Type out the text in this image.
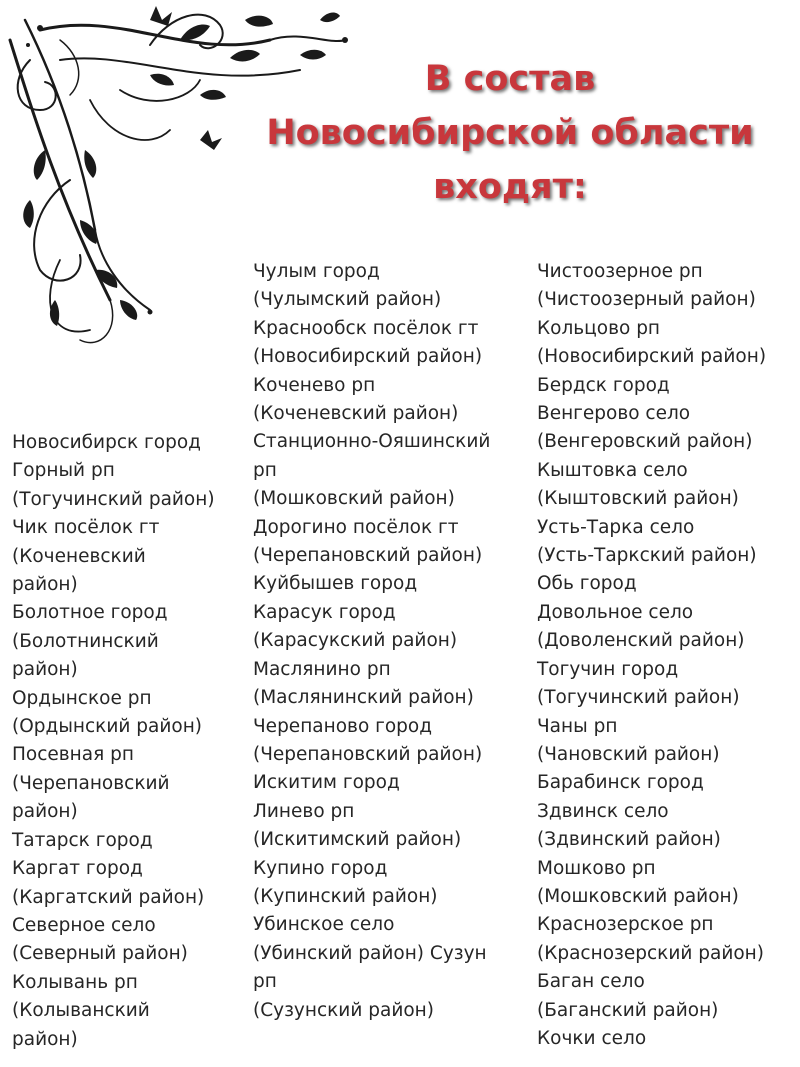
В состав
Новосибирской области
входят:
Новосибирск город
Горный рп
(Тогучинский район)
Чик посёлок гт
(Коченевский
район)
Болотное город
(Болотнинский
район)
Ордынское рп
(Ордынский район)
Посевная рп
(Черепановский
район)
Татарск город
Каргат город
(Каргатский район)
Северное село
(Северный район)
Колывань рп
(Колыванский
район)
Чулым город
(Чулымский район)
Краснообск посёлок гт
(Новосибирский район)
Коченево рп
(Коченевский район)
Станционно-Ояшинский
рп
(Мошковский район)
Дорогино посёлок гт
(Черепановский район)
Куйбышев город
Карасук город
(Карасукский район)
Маслянино рп
(Маслянинский район)
Черепаново город
(Черепановский район)
Искитим город
Линево рп
(Искитимский район)
Купино город
(Купинский район)
Убинское село
(Убинский район) Сузун
рп
(Сузунский район)
Чистоозерное рп
(Чистоозерный район)
Кольцово рп
(Новосибирский район)
Бердск город
Венгерово село
(Венгеровский район)
Кыштовка село
(Кыштовский район)
Усть-Тарка село
(Усть-Таркский район)
Обь город
Довольное село
(Доволенский район)
Тогучин город
(Тогучинский район)
Чаны рп
(Чановский район)
Барабинск город
Здвинск село
(Здвинский район)
Мошково рп
(Мошковский район)
Краснозерское рп
(Краснозерский район)
Баган село
(Баганский район)
Кочки село
